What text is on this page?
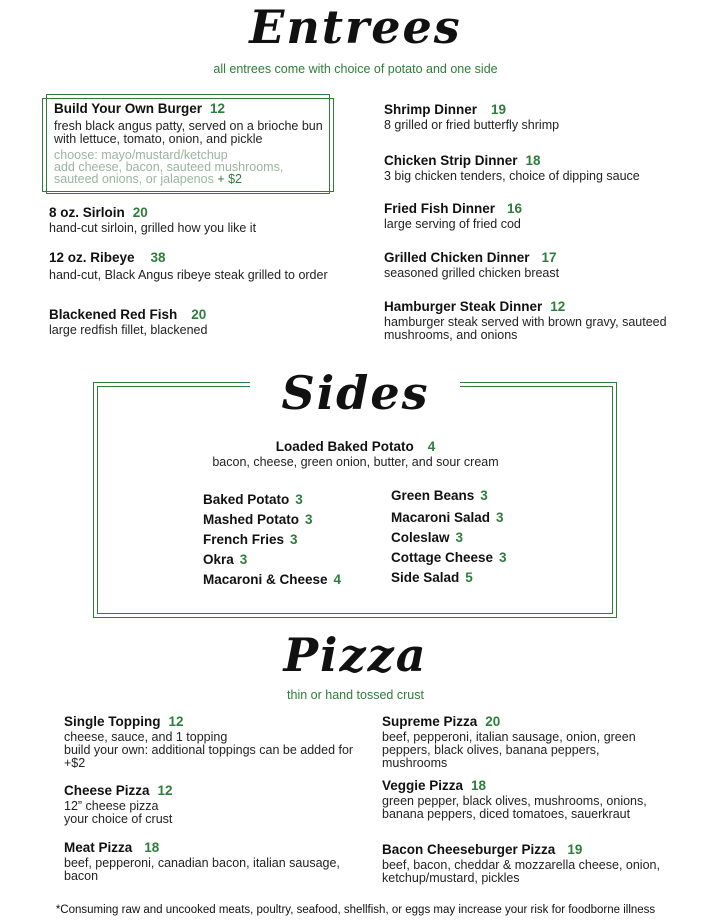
Entrees
all entrees come with choice of potato and one side
Build Your Own Burger 12
fresh black angus patty, served on a brioche bun with lettuce, tomato, onion, and pickle
choose: mayo/mustard/ketchup
add cheese, bacon, sauteed mushrooms, sauteed onions, or jalapenos + $2
8 oz. Sirloin 20
hand-cut sirloin, grilled how you like it
12 oz. Ribeye 38
hand-cut, Black Angus ribeye steak grilled to order
Blackened Red Fish 20
large redfish fillet, blackened
Shrimp Dinner 19
8 grilled or fried butterfly shrimp
Chicken Strip Dinner 18
3 big chicken tenders, choice of dipping sauce
Fried Fish Dinner 16
large serving of fried cod
Grilled Chicken Dinner 17
seasoned grilled chicken breast
Hamburger Steak Dinner 12
hamburger steak served with brown gravy, sauteed mushrooms, and onions
Sides
Loaded Baked Potato 4
bacon, cheese, green onion, butter, and sour cream
Baked Potato 3
Mashed Potato 3
French Fries 3
Okra 3
Macaroni & Cheese 4
Green Beans 3
Macaroni Salad 3
Coleslaw 3
Cottage Cheese 3
Side Salad 5
Pizza
thin or hand tossed crust
Single Topping 12
cheese, sauce, and 1 topping
build your own: additional toppings can be added for +$2
Cheese Pizza 12
12” cheese pizza
your choice of crust
Meat Pizza 18
beef, pepperoni, canadian bacon, italian sausage, bacon
Supreme Pizza 20
beef, pepperoni, italian sausage, onion, green peppers, black olives, banana peppers, mushrooms
Veggie Pizza 18
green pepper, black olives, mushrooms, onions, banana peppers, diced tomatoes, sauerkraut
Bacon Cheeseburger Pizza 19
beef, bacon, cheddar & mozzarella cheese, onion, ketchup/mustard, pickles
*Consuming raw and uncooked meats, poultry, seafood, shellfish, or eggs may increase your risk for foodborne illness
